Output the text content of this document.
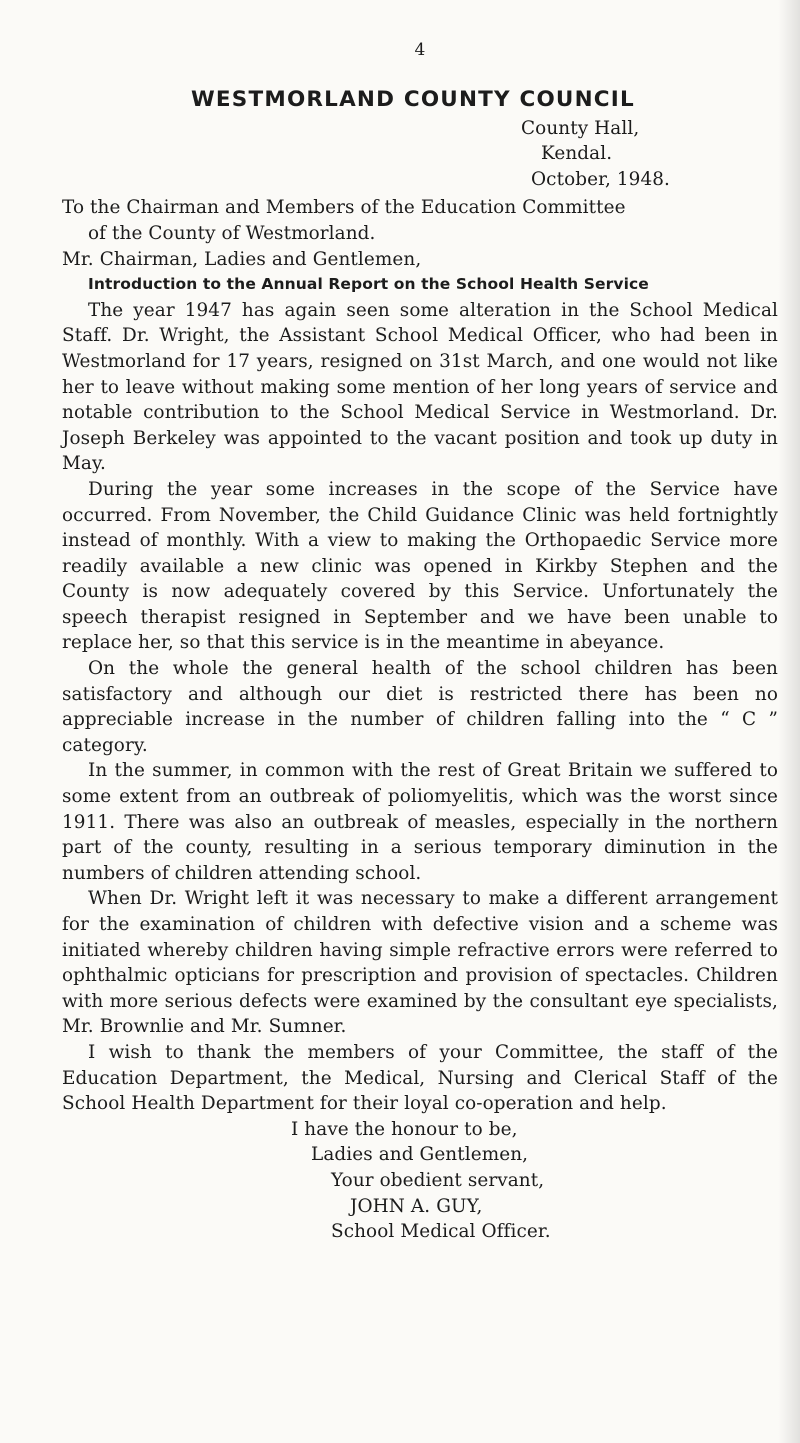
4
WESTMORLAND COUNTY COUNCIL
County Hall,
Kendal.
October, 1948.
To the Chairman and Members of the Education Committee
of the County of Westmorland.
Mr. Chairman, Ladies and Gentlemen,
Introduction to the Annual Report on the School Health Service

The year 1947 has again seen some alteration in the School Medical Staff. Dr. Wright, the Assistant School Medical Officer, who had been in Westmorland for 17 years, resigned on 31st March, and one would not like her to leave without making some mention of her long years of service and notable contribution to the School Medical Service in Westmorland. Dr. Joseph Berkeley was appointed to the vacant position and took up duty in May.

During the year some increases in the scope of the Service have occurred. From November, the Child Guidance Clinic was held fortnightly instead of monthly. With a view to making the Orthopaedic Service more readily available a new clinic was opened in Kirkby Stephen and the County is now adequately covered by this Service. Unfortunately the speech therapist resigned in September and we have been unable to replace her, so that this service is in the meantime in abeyance.

On the whole the general health of the school children has been satisfactory and although our diet is restricted there has been no appreciable increase in the number of children falling into the “ C ” category.

In the summer, in common with the rest of Great Britain we suffered to some extent from an outbreak of poliomyelitis, which was the worst since 1911. There was also an outbreak of measles, especially in the northern part of the county, resulting in a serious temporary diminution in the numbers of children attending school.

When Dr. Wright left it was necessary to make a different arrangement for the examination of children with defective vision and a scheme was initiated whereby children having simple refractive errors were referred to ophthalmic opticians for prescription and provision of spectacles. Children with more serious defects were examined by the consultant eye specialists, Mr. Brownlie and Mr. Sumner.

I wish to thank the members of your Committee, the staff of the Education Department, the Medical, Nursing and Clerical Staff of the School Health Department for their loyal co-operation and help.

I have the honour to be,
Ladies and Gentlemen,
Your obedient servant,
JOHN A. GUY,
School Medical Officer.
